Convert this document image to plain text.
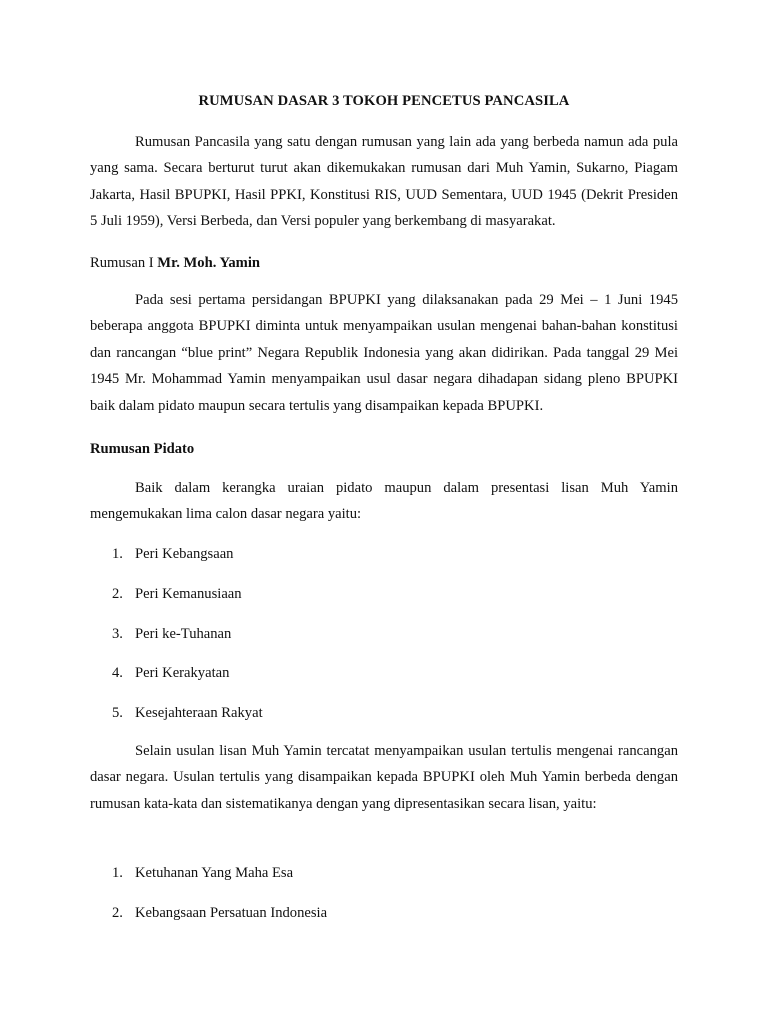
RUMUSAN DASAR 3 TOKOH PENCETUS PANCASILA

Rumusan Pancasila yang satu dengan rumusan yang lain ada yang berbeda namun ada pula yang sama. Secara berturut turut akan dikemukakan rumusan dari Muh Yamin, Sukarno, Piagam Jakarta, Hasil BPUPKI, Hasil PPKI, Konstitusi RIS, UUD Sementara, UUD 1945 (Dekrit Presiden 5 Juli 1959), Versi Berbeda, dan Versi populer yang berkembang di masyarakat.

Rumusan I Mr. Moh. Yamin

Pada sesi pertama persidangan BPUPKI yang dilaksanakan pada 29 Mei – 1 Juni 1945 beberapa anggota BPUPKI diminta untuk menyampaikan usulan mengenai bahan-bahan konstitusi dan rancangan “blue print” Negara Republik Indonesia yang akan didirikan. Pada tanggal 29 Mei 1945 Mr. Mohammad Yamin menyampaikan usul dasar negara dihadapan sidang pleno BPUPKI baik dalam pidato maupun secara tertulis yang disampaikan kepada BPUPKI.

Rumusan Pidato

Baik dalam kerangka uraian pidato maupun dalam presentasi lisan Muh Yamin mengemukakan lima calon dasar negara yaitu:

1. Peri Kebangsaan

2. Peri Kemanusiaan

3. Peri ke-Tuhanan

4. Peri Kerakyatan

5. Kesejahteraan Rakyat

Selain usulan lisan Muh Yamin tercatat menyampaikan usulan tertulis mengenai rancangan dasar negara. Usulan tertulis yang disampaikan kepada BPUPKI oleh Muh Yamin berbeda dengan rumusan kata-kata dan sistematikanya dengan yang dipresentasikan secara lisan, yaitu:

1. Ketuhanan Yang Maha Esa

2. Kebangsaan Persatuan Indonesia
